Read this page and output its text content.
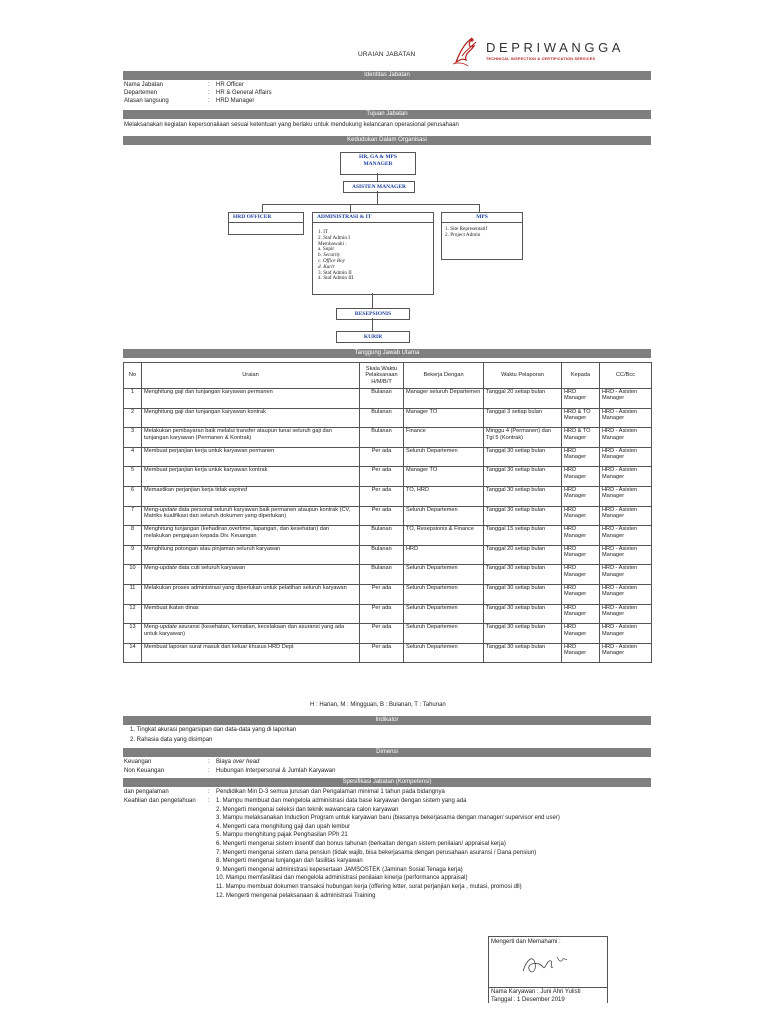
URAIAN JABATAN	DEPRIWANGGA
TECHNICAL INSPECTION & CERTIFICATION SERVICES
Identitas Jabatan
Nama Jabatan	: HR Officer
Departemen	: HR & General Affairs
Atasan langsung	: HRD Manager
Tujuan Jabatan
Melaksanakan kegiatan kepersonaliaan sesuai ketentuan yang berlaku untuk mendukung kelancaran operasional perusahaan
Kedudukan Dalam Organisasi
HR, GA & MPS MANAGER
ASISTEN MANAGER
HRD OFFICER	ADMINISTRASI & IT
1. IT
2. Staf Admin I
Membawahi :
a. Supir
b. Security
c. Office Boy
d. Kurir
3. Staf Admin II
4. Staf Admin III
MPS
1. Site Representatif
2. Project Admin
RESEPSIONIS
KURIR
Tanggung Jawab Utama
No	Uraian	Skala Waktu Pelaksanaan H/M/B/T	Bekerja Dengan	Waktu Pelaporan	Kepada	CC/Bcc
1	Menghitung gaji dan tunjangan karyawan permanen	Bulanan	Manager seluruh Departemen	Tanggal 20 setiap bulan	HRD Manager	HRD - Asisten Manager
2	Menghitung gaji dan tunjangan karyawan kontrak	Bulanan	Manager TO	Tanggal 3 setiap bulan	HRD & TO Manager	HRD - Asisten Manager
3	Melakukan pembayaran baik melalui transfer ataupun tunai seluruh gaji dan tunjangan karyawan (Permanen & Kontrak)	Bulanan	Finance	Minggu 4 (Permanen) dan Tgl 5 (Kontrak)	HRD & TO Manager	HRD - Asisten Manager
4	Membuat perjanjian kerja untuk karyawan permanen	Per ada	Seluruh Departemen	Tanggal 30 setiap bulan	HRD Manager	HRD - Asisten Manager
5	Membuat perjanjian kerja untuk karyawan kontrak	Per ada	Manager TO	Tanggal 30 setiap bulan	HRD Manager	HRD - Asisten Manager
6	Memastikan perjanjian kerja tidak expired	Per ada	TO, HRD	Tanggal 30 setiap bulan	HRD Manager	HRD - Asisten Manager
7	Meng-update data personal seluruh karyawan baik permanen ataupun kontrak (CV, Matriks kualifikasi dan seluruh dokumen yang diperlukan)	Per ada	Seluruh Departemen	Tanggal 30 setiap bulan	HRD Manager	HRD - Asisten Manager
8	Menghitung tunjangan (kehadiran,overtime, lapangan, dan kesehatan) dan melakukan pengajuan kepada Div. Keuangan	Bulanan	TO, Resepsionis & Finance	Tanggal 15 setiap bulan	HRD Manager	HRD - Asisten Manager
9	Menghitung potongan atau pinjaman seluruh karyawan	Bulanan	HRD	Tanggal 20 setiap bulan	HRD Manager	HRD - Asisten Manager
10	Meng-update data cuti seluruh karyawan	Bulanan	Seluruh Departemen	Tanggal 30 setiap bulan	HRD Manager	HRD - Asisten Manager
11	Melakukan proses administrasi yang diperlukan untuk pelatihan seluruh karyawan	Per ada	Seluruh Departemen	Tanggal 30 setiap bulan	HRD Manager	HRD - Asisten Manager
12	Membuat ikatan dinas	Per ada	Seluruh Departemen	Tanggal 30 setiap bulan	HRD Manager	HRD - Asisten Manager
13	Meng-update asuransi (kesehatan, kematian, kecelakaan dan asuransi yang ada untuk karyawan)	Per ada	Seluruh Departemen	Tanggal 30 setiap bulan	HRD Manager	HRD - Asisten Manager
14	Membuat laporan surat masuk dan keluar khusus HRD Dept	Per ada	Seluruh Departemen	Tanggal 30 setiap bulan	HRD Manager	HRD - Asisten Manager
H : Harian, M : Mingguan, B : Bulanan, T : Tahunan
Indikator
1. Tingkat akurasi pengarsipan dan data-data yang di laporkan
2. Rahasia data yang disimpan
Dimensi
Keuangan	: Biaya over head
Non Keuangan	: Hubungan Interpersonal & Jumlah Karyawan
Spesifikasi Jabatan (Kompetensi)
dan pengalaman	: Pendidikan Min D-3 semua jurusan dan Pengalaman minimal 1 tahun pada bidangnya
Keahlian dan pengetahuan : 1. Mampu membuat dan mengelola administrasi data base karyawan dengan sistem yang ada
2. Mengerti mengenai seleksi dan teknik wawancara calon karyawan
3. Mampu melaksanakan Induction Program untuk karyawan baru (biasanya bekerjasama dengan manager/ supervisor end user)
4. Mengerti cara menghitung gaji dan upah lembur
5. Mampu menghitung pajak Penghasilan PPh 21
6. Mengerti mengenai sistem insentif dan bonus tahunan (berkaitan dengan sistem penilaian/ appraisal kerja)
7. Mengerti mengenai sistem dana pensiun (tidak wajib, bisa bekerjasama dengan perusahaan asuransi / Dana pensiun)
8. Mengerti mengenai tunjangan dan fasilitas karyawan
9. Mengerti mengenai administrasi kepesertaan JAMSOSTEK (Jaminan Sosial Tenaga kerja)
10. Mampu memfasilitasi dan mengelola administrasi penilaian kinerja (performance appraisal)
11. Mampu membuat dokumen transaksi hubungan kerja (offering letter, surat perjanjian kerja , mutasi, promosi dll)
12. Mengerti mengenai pelaksanaan & administrasi Training
Mengerti dan Memahami :
Nama Karyawan : Juni Ahri Yulisti
Tanggal : 1 Desember 2019
